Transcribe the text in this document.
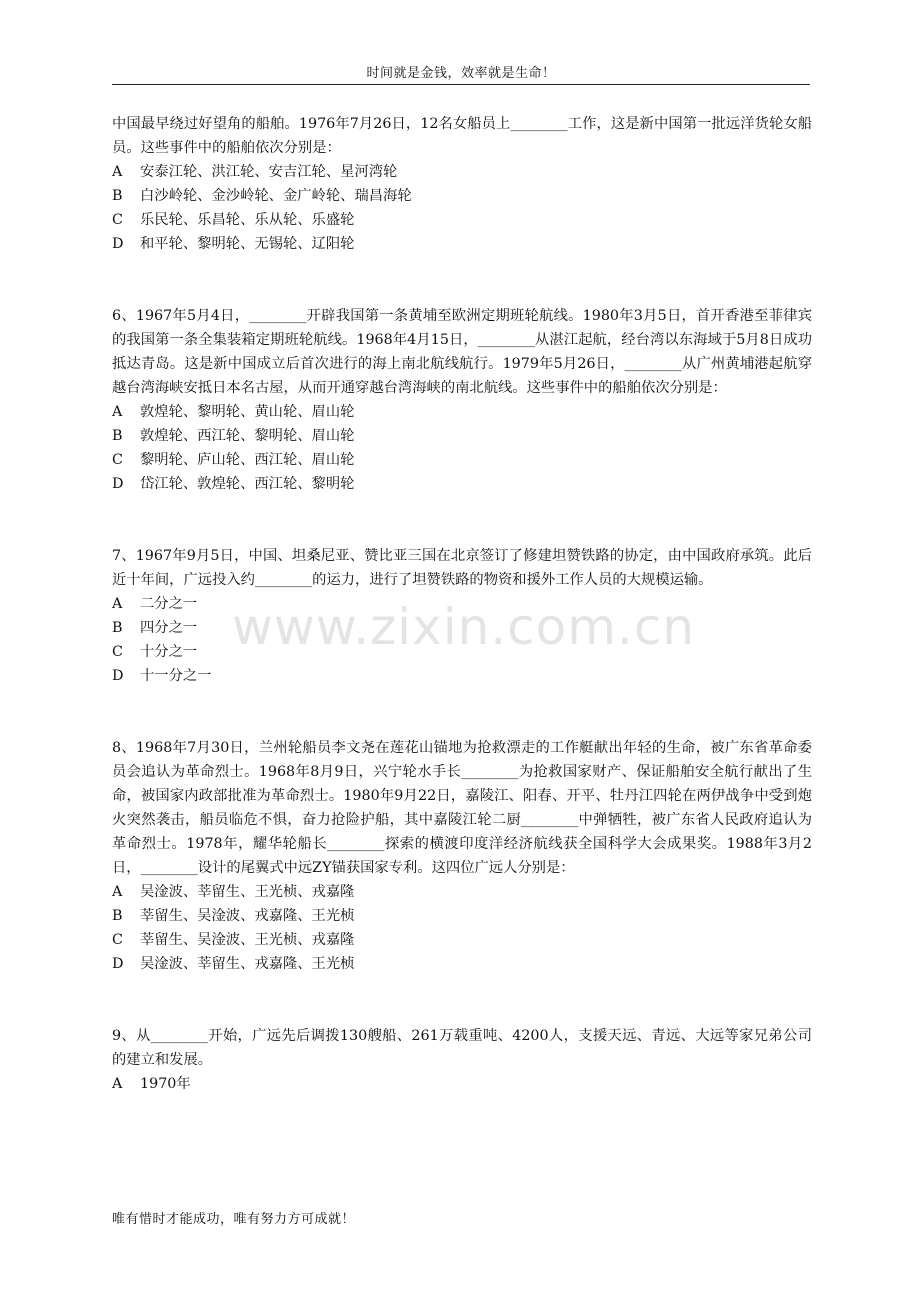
时间就是金钱，效率就是生命！
www.zixin.com.cn

中国最早绕过好望角的船舶。1976年7月26日，12名女船员上________工作，这是新中国第一批远洋货轮女船员。这些事件中的船舶依次分别是：

A 安泰江轮、洪江轮、安吉江轮、星河湾轮

B 白沙岭轮、金沙岭轮、金广岭轮、瑞昌海轮

C 乐民轮、乐昌轮、乐从轮、乐盛轮

D 和平轮、黎明轮、无锡轮、辽阳轮

6、1967年5月4日，________开辟我国第一条黄埔至欧洲定期班轮航线。1980年3月5日，首开香港至菲律宾的我国第一条全集装箱定期班轮航线。1968年4月15日，________从湛江起航，经台湾以东海域于5月8日成功抵达青岛。这是新中国成立后首次进行的海上南北航线航行。1979年5月26日，________从广州黄埔港起航穿越台湾海峡安抵日本名古屋，从而开通穿越台湾海峡的南北航线。这些事件中的船舶依次分别是：

A 敦煌轮、黎明轮、黄山轮、眉山轮

B 敦煌轮、西江轮、黎明轮、眉山轮

C 黎明轮、庐山轮、西江轮、眉山轮

D 岱江轮、敦煌轮、西江轮、黎明轮

7、1967年9月5日，中国、坦桑尼亚、赞比亚三国在北京签订了修建坦赞铁路的协定，由中国政府承筑。此后近十年间，广远投入约________的运力，进行了坦赞铁路的物资和援外工作人员的大规模运输。

A 二分之一

B 四分之一

C 十分之一

D 十一分之一

8、1968年7月30日，兰州轮船员李文尧在莲花山锚地为抢救漂走的工作艇献出年轻的生命，被广东省革命委员会追认为革命烈士。1968年8月9日，兴宁轮水手长________为抢救国家财产、保证船舶安全航行献出了生命，被国家内政部批准为革命烈士。1980年9月22日，嘉陵江、阳春、开平、牡丹江四轮在两伊战争中受到炮火突然袭击，船员临危不惧，奋力抢险护船，其中嘉陵江轮二厨________中弹牺牲，被广东省人民政府追认为革命烈士。1978年，耀华轮船长________探索的横渡印度洋经济航线获全国科学大会成果奖。1988年3月2日，________设计的尾翼式中远ZY锚获国家专利。这四位广远人分别是：

A 吴淦波、莘留生、王光桢、戎嘉隆

B 莘留生、吴淦波、戎嘉隆、王光桢

C 莘留生、吴淦波、王光桢、戎嘉隆

D 吴淦波、莘留生、戎嘉隆、王光桢

9、从________开始，广远先后调拨130艘船、261万载重吨、4200人，支援天远、青远、大远等家兄弟公司的建立和发展。

A 1970年

唯有惜时才能成功，唯有努力方可成就！
